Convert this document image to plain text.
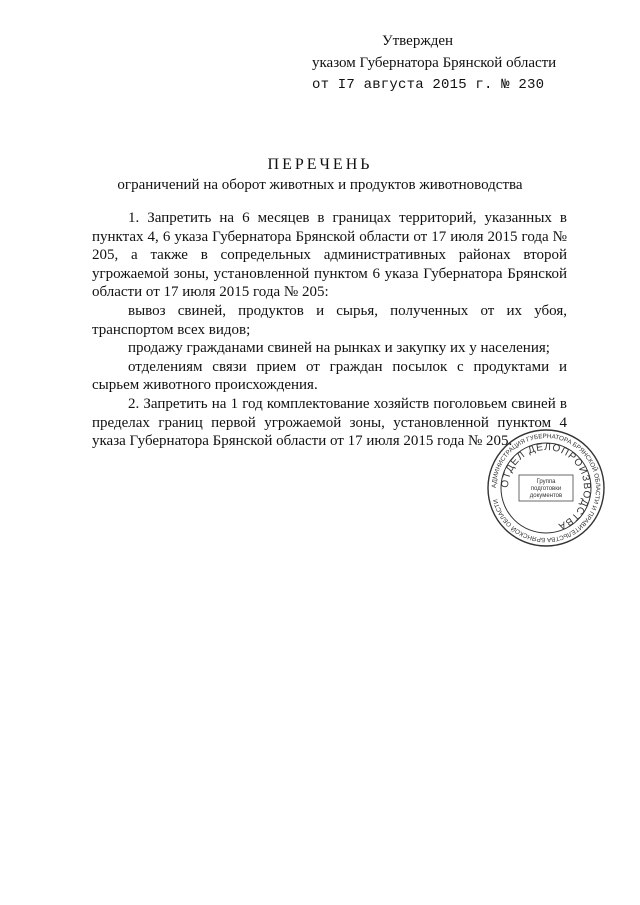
Утвержден
указом Губернатора Брянской области
от I7 августа 2015 г. № 230
ПЕРЕЧЕНЬ
ограничений на оборот животных и продуктов животноводства

1. Запретить на 6 месяцев в границах территорий, указанных в пунктах 4, 6 указа Губернатора Брянской области от 17 июля 2015 года № 205, а также в сопредельных административных районах второй угрожаемой зоны, установленной пунктом 6 указа Губернатора Брянской области от 17 июля 2015 года № 205:

вывоз свиней, продуктов и сырья, полученных от их убоя, транспортом всех видов;

продажу гражданами свиней на рынках и закупку их у населения;

отделениям связи прием от граждан посылок с продуктами и сырьем животного происхождения.

2. Запретить на 1 год комплектование хозяйств поголовьем свиней в пределах границ первой угрожаемой зоны, установленной пунктом 4 указа Губернатора Брянской области от 17 июля 2015 года № 205.

АДМИНИСТРАЦИЯ ГУБЕРНАТОРА БРЯНСКОЙ ОБЛАСТИ И ПРАВИТЕЛЬСТВА БРЯНСКОЙ ОБЛАСТИ
ОТДЕЛ ДЕЛОПРОИЗВОДСТВА
Группа
подготовки
документов
